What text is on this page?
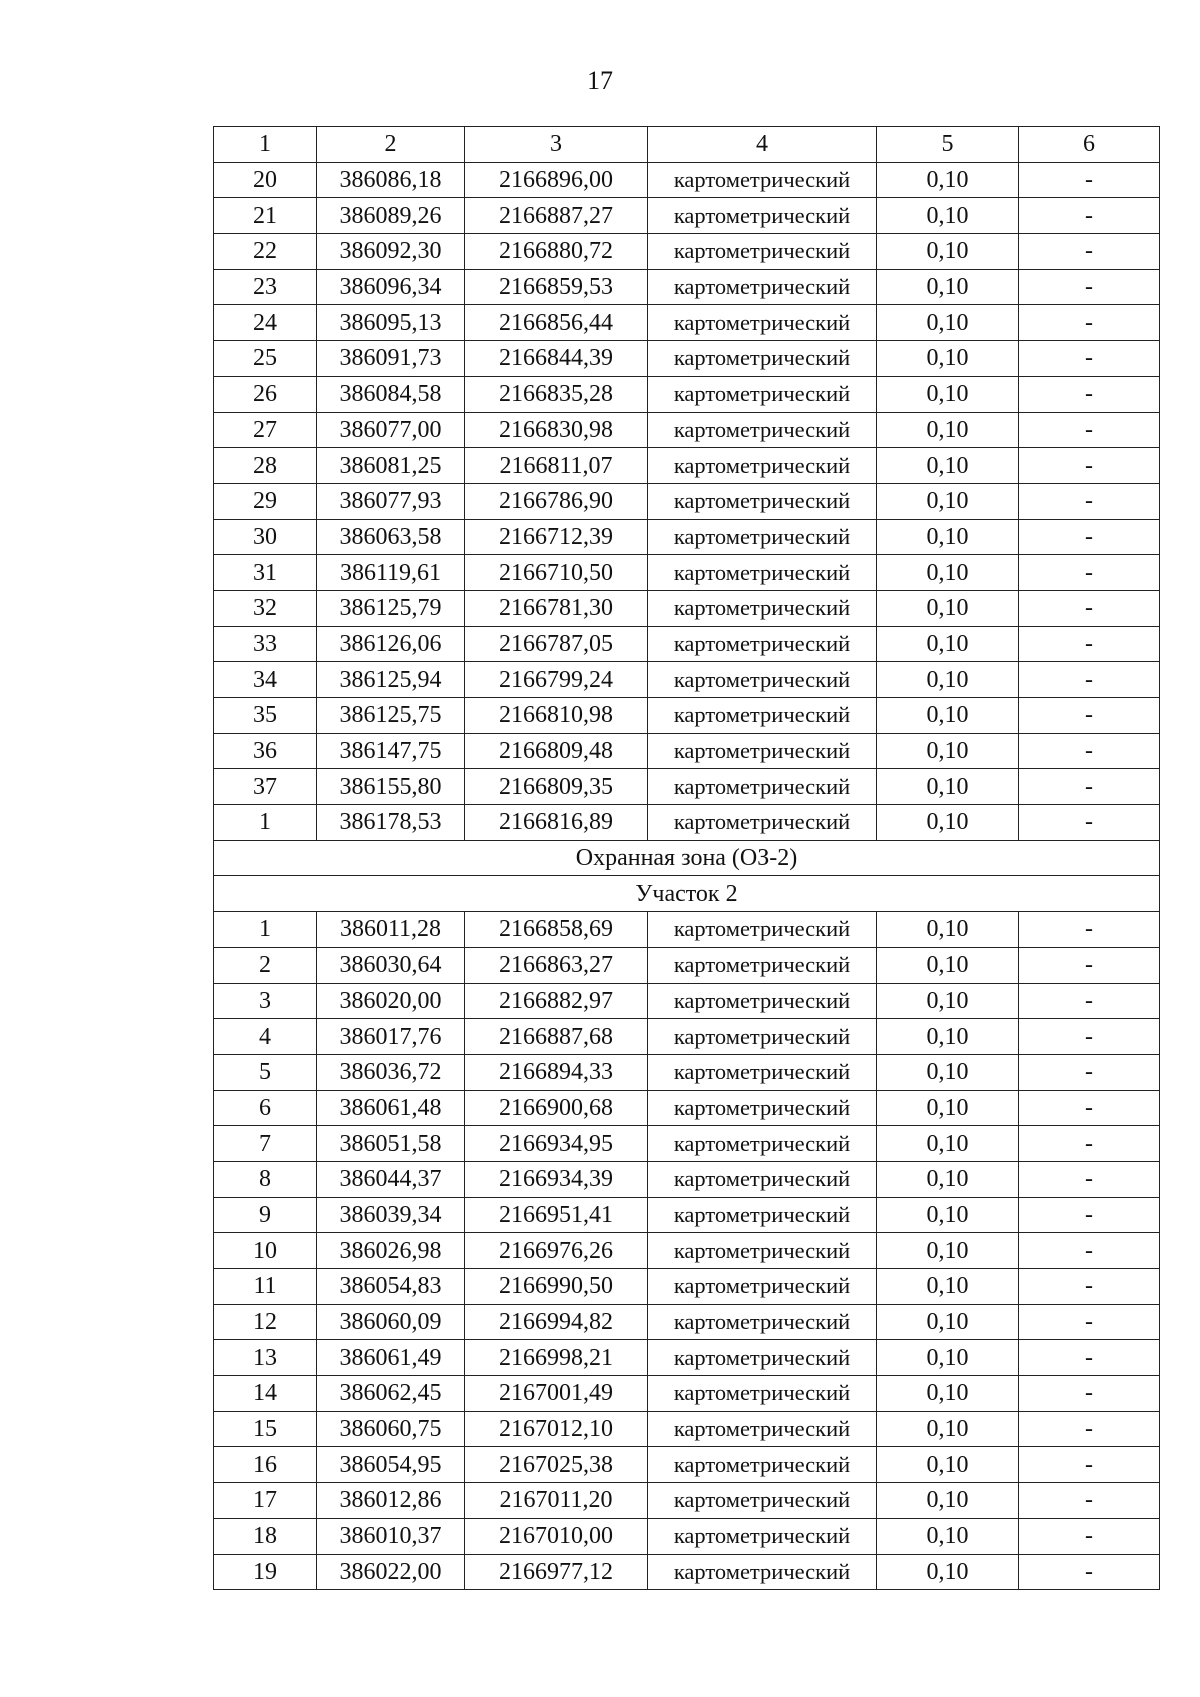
17
1	2	3	4	5	6
20	386086,18	2166896,00	картометрический	0,10	-
21	386089,26	2166887,27	картометрический	0,10	-
22	386092,30	2166880,72	картометрический	0,10	-
23	386096,34	2166859,53	картометрический	0,10	-
24	386095,13	2166856,44	картометрический	0,10	-
25	386091,73	2166844,39	картометрический	0,10	-
26	386084,58	2166835,28	картометрический	0,10	-
27	386077,00	2166830,98	картометрический	0,10	-
28	386081,25	2166811,07	картометрический	0,10	-
29	386077,93	2166786,90	картометрический	0,10	-
30	386063,58	2166712,39	картометрический	0,10	-
31	386119,61	2166710,50	картометрический	0,10	-
32	386125,79	2166781,30	картометрический	0,10	-
33	386126,06	2166787,05	картометрический	0,10	-
34	386125,94	2166799,24	картометрический	0,10	-
35	386125,75	2166810,98	картометрический	0,10	-
36	386147,75	2166809,48	картометрический	0,10	-
37	386155,80	2166809,35	картометрический	0,10	-
1	386178,53	2166816,89	картометрический	0,10	-
Охранная зона (ОЗ-2)					
Участок 2					
1	386011,28	2166858,69	картометрический	0,10	-
2	386030,64	2166863,27	картометрический	0,10	-
3	386020,00	2166882,97	картометрический	0,10	-
4	386017,76	2166887,68	картометрический	0,10	-
5	386036,72	2166894,33	картометрический	0,10	-
6	386061,48	2166900,68	картометрический	0,10	-
7	386051,58	2166934,95	картометрический	0,10	-
8	386044,37	2166934,39	картометрический	0,10	-
9	386039,34	2166951,41	картометрический	0,10	-
10	386026,98	2166976,26	картометрический	0,10	-
11	386054,83	2166990,50	картометрический	0,10	-
12	386060,09	2166994,82	картометрический	0,10	-
13	386061,49	2166998,21	картометрический	0,10	-
14	386062,45	2167001,49	картометрический	0,10	-
15	386060,75	2167012,10	картометрический	0,10	-
16	386054,95	2167025,38	картометрический	0,10	-
17	386012,86	2167011,20	картометрический	0,10	-
18	386010,37	2167010,00	картометрический	0,10	-
19	386022,00	2166977,12	картометрический	0,10	-
